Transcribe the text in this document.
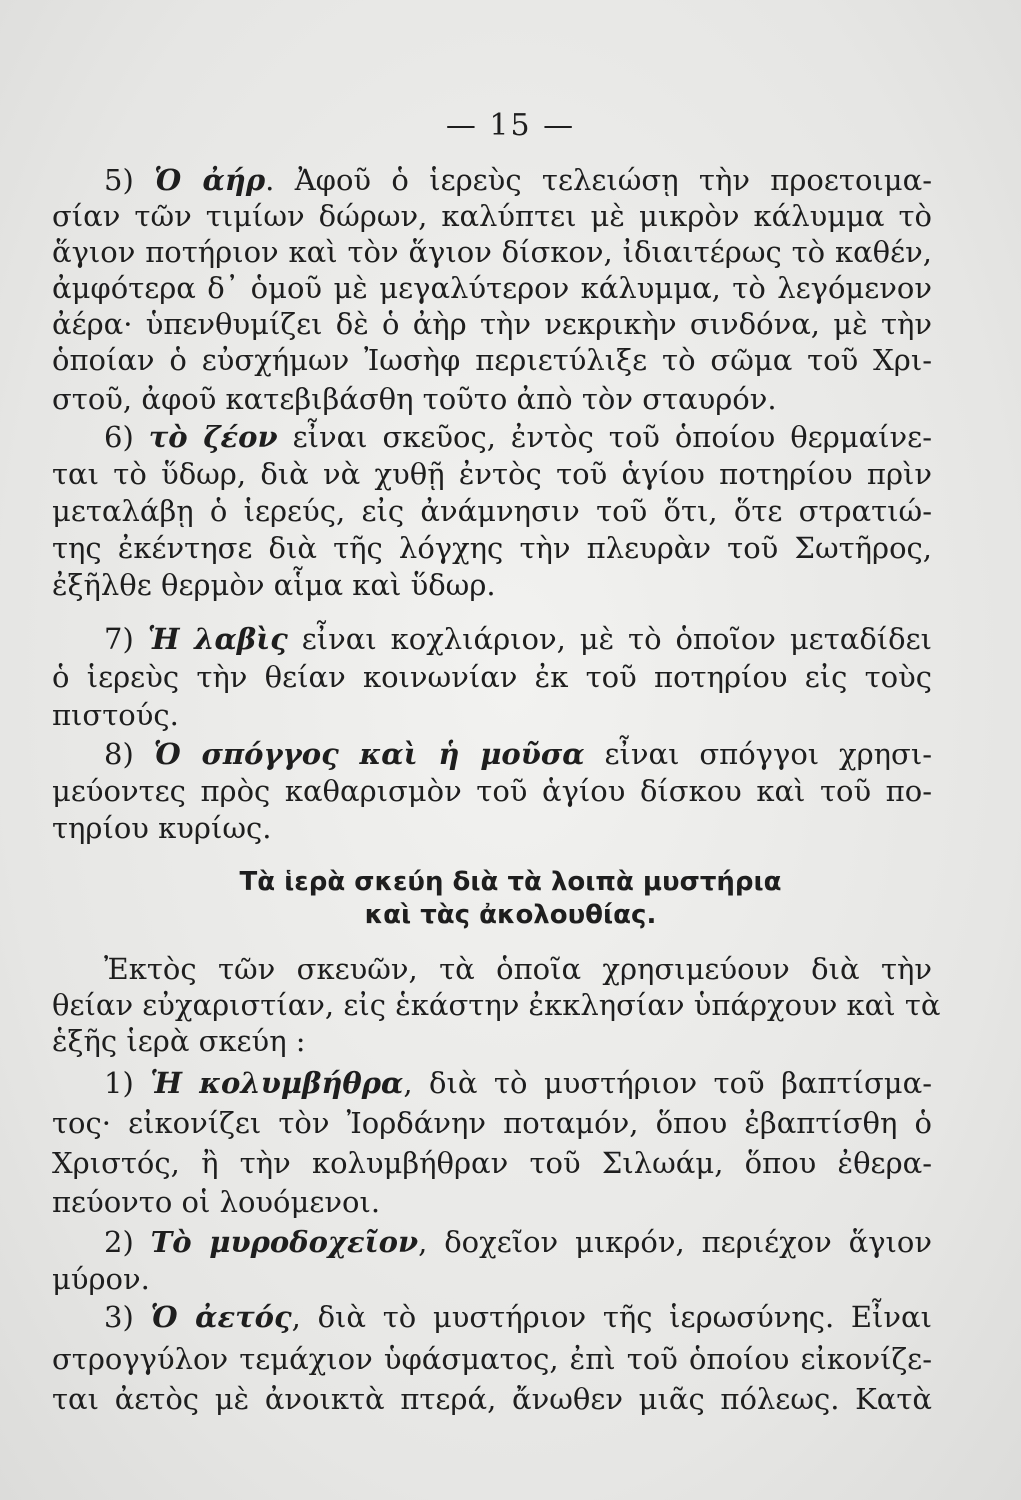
— 15 —
5) Ὁ ἀήρ. Ἀφοῦ ὁ ἱερεὺς τελειώσῃ τὴν προετοιμα-
σίαν τῶν τιμίων δώρων, καλύπτει μὲ μικρὸν κάλυμμα τὸ
ἅγιον ποτήριον καὶ τὸν ἅγιον δίσκον, ἰδιαιτέρως τὸ καθέν,
ἀμφότερα δ᾽ ὁμοῦ μὲ μεγαλύτερον κάλυμμα, τὸ λεγόμενον
ἀέρα· ὑπενθυμίζει δὲ ὁ ἀὴρ τὴν νεκρικὴν σινδόνα, μὲ τὴν
ὁποίαν ὁ εὐσχήμων Ἰωσὴφ περιετύλιξε τὸ σῶμα τοῦ Χρι-
στοῦ, ἀφοῦ κατεβιβάσθη τοῦτο ἀπὸ τὸν σταυρόν.
6) τὸ ζέον εἶναι σκεῦος, ἐντὸς τοῦ ὁποίου θερμαίνε-
ται τὸ ὕδωρ, διὰ νὰ χυθῇ ἐντὸς τοῦ ἁγίου ποτηρίου πρὶν
μεταλάβῃ ὁ ἱερεύς, εἰς ἀνάμνησιν τοῦ ὅτι, ὅτε στρατιώ-
της ἐκέντησε διὰ τῆς λόγχης τὴν πλευρὰν τοῦ Σωτῆρος,
ἐξῆλθε θερμὸν αἷμα καὶ ὕδωρ.
7) Ἡ λαβὶς εἶναι κοχλιάριον, μὲ τὸ ὁποῖον μεταδίδει
ὁ ἱερεὺς τὴν θείαν κοινωνίαν ἐκ τοῦ ποτηρίου εἰς τοὺς
πιστούς.
8) Ὁ σπόγγος καὶ ἡ μοῦσα εἶναι σπόγγοι χρησι-
μεύοντες πρὸς καθαρισμὸν τοῦ ἁγίου δίσκου καὶ τοῦ πο-
τηρίου κυρίως.
Τὰ ἱερὰ σκεύη διὰ τὰ λοιπὰ μυστήρια
καὶ τὰς ἀκολουθίας.
Ἐκτὸς τῶν σκευῶν, τὰ ὁποῖα χρησιμεύουν διὰ τὴν
θείαν εὐχαριστίαν, εἰς ἑκάστην ἐκκλησίαν ὑπάρχουν καὶ τὰ
ἑξῆς ἱερὰ σκεύη :
1) Ἡ κολυμβήθρα, διὰ τὸ μυστήριον τοῦ βαπτίσμα-
τος· εἰκονίζει τὸν Ἰορδάνην ποταμόν, ὅπου ἐβαπτίσθη ὁ
Χριστός, ἢ τὴν κολυμβήθραν τοῦ Σιλωάμ, ὅπου ἐθερα-
πεύοντο οἱ λουόμενοι.
2) Τὸ μυροδοχεῖον, δοχεῖον μικρόν, περιέχον ἅγιον
μύρον.
3) Ὁ ἀετός, διὰ τὸ μυστήριον τῆς ἱερωσύνης. Εἶναι
στρογγύλον τεμάχιον ὑφάσματος, ἐπὶ τοῦ ὁποίου εἰκονίζε-
ται ἀετὸς μὲ ἀνοικτὰ πτερά, ἄνωθεν μιᾶς πόλεως. Κατὰ
